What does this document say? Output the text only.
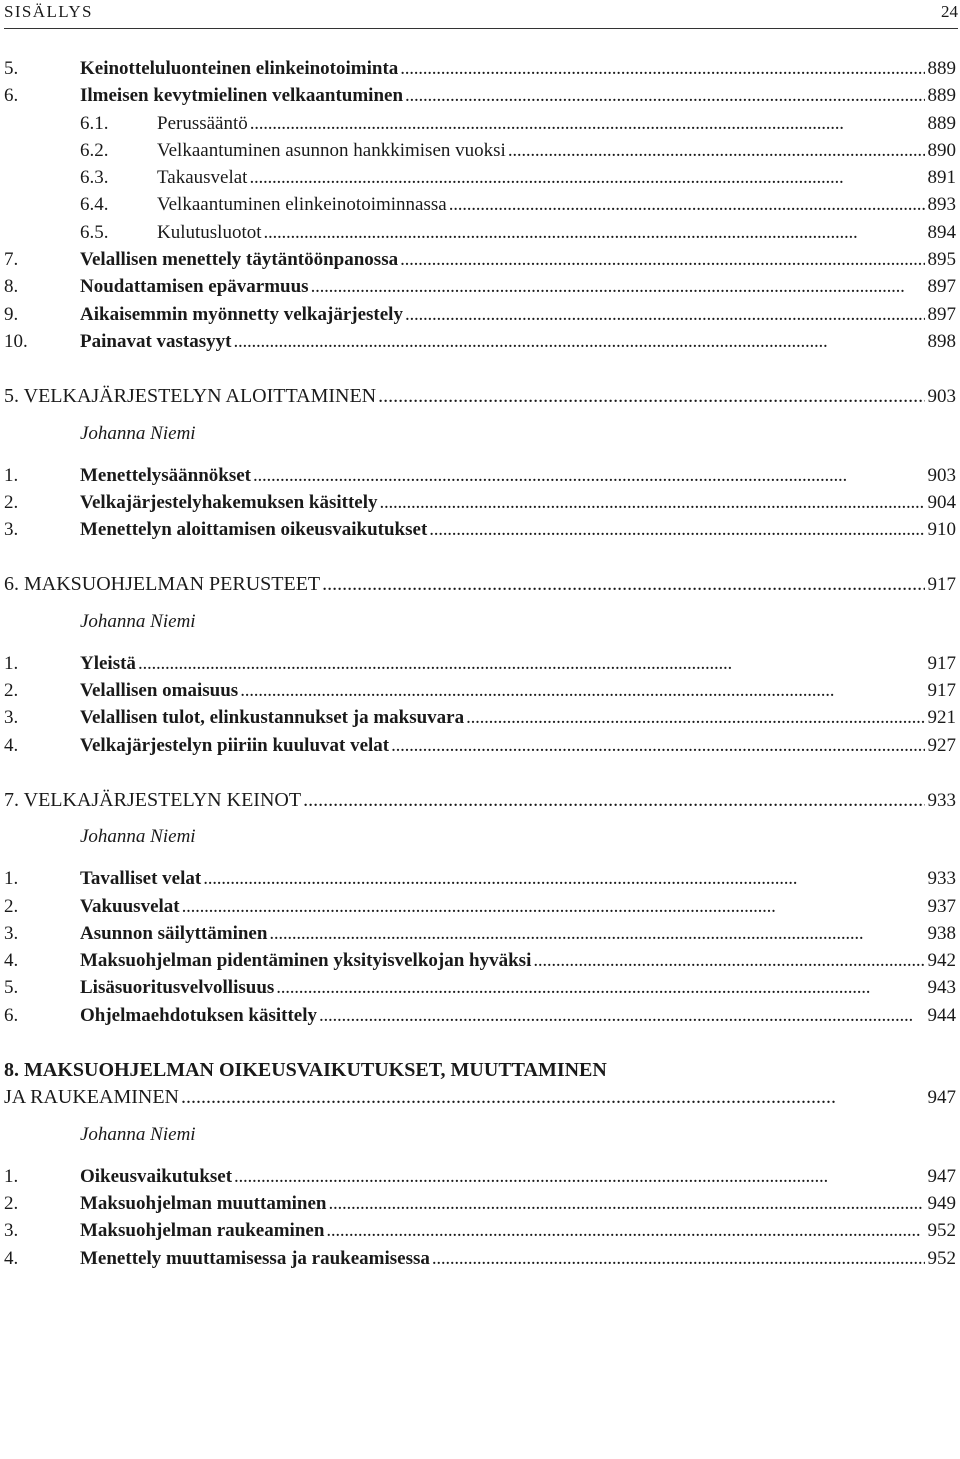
SISÄLLYS	24
5.	Keinotteluluonteinen elinkeinotoiminta . . .	889
6.	Ilmeisen kevytmielinen velkaantuminen . . .	889
6.1.	Perussääntö . . .	889
6.2.	Velkaantuminen asunnon hankkimisen vuoksi . . .	890
6.3.	Takausvelat . . .	891
6.4.	Velkaantuminen elinkeinotoiminnassa . . .	893
6.5.	Kulutusluotot . . .	894
7.	Velallisen menettely täytäntöönpanossa . . .	895
8.	Noudattamisen epävarmuus . . .	897
9.	Aikaisemmin myönnetty velkajärjestely . . .	897
10.	Painavat vastasyyt . . .	898
5. VELKAJÄRJESTELYN ALOITTAMINEN . . .	903
Johanna Niemi
1.	Menettelysäännökset . . .	903
2.	Velkajärjestelyhakemuksen käsittely . . .	904
3.	Menettelyn aloittamisen oikeusvaikutukset . . .	910
6. MAKSUOHJELMAN PERUSTEET . . .	917
Johanna Niemi
1.	Yleistä . . .	917
2.	Velallisen omaisuus . . .	917
3.	Velallisen tulot, elinkustannukset ja maksuvara . . .	921
4.	Velkajärjestelyn piiriin kuuluvat velat . . .	927
7. VELKAJÄRJESTELYN KEINOT . . .	933
Johanna Niemi
1.	Tavalliset velat . . .	933
2.	Vakuusvelat . . .	937
3.	Asunnon säilyttäminen . . .	938
4.	Maksuohjelman pidentäminen yksityisvelkojan hyväksi . . .	942
5.	Lisäsuoritusvelvollisuus . . .	943
6.	Ohjelmaehdotuksen käsittely . . .	944
8. MAKSUOHJELMAN OIKEUSVAIKUTUKSET, MUUTTAMINEN
JA RAUKEAMINEN . . .	947
Johanna Niemi
1.	Oikeusvaikutukset . . .	947
2.	Maksuohjelman muuttaminen . . .	949
3.	Maksuohjelman raukeaminen . . .	952
4.	Menettely muuttamisessa ja raukeamisessa . . .	952
